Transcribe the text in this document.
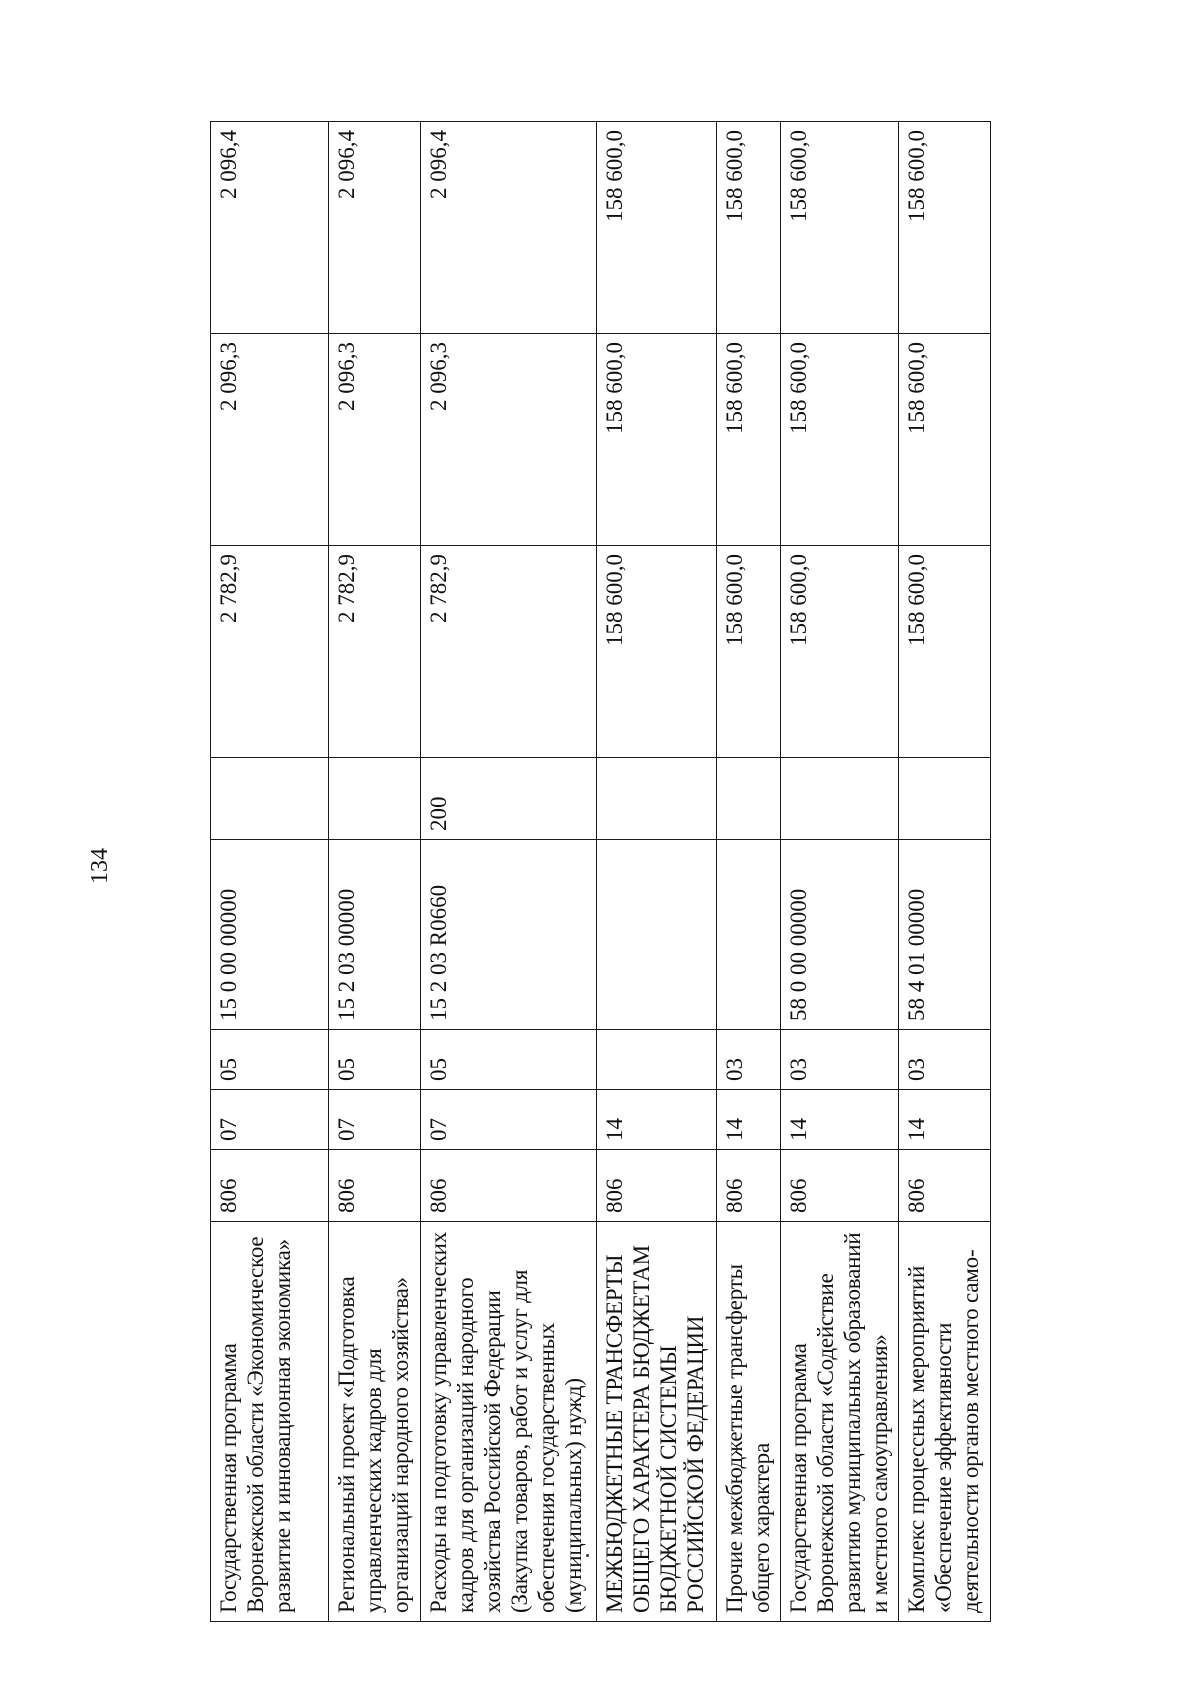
134
Государственная программа Воронежской области «Экономическое развитие и инновационная экономика»	806	07	05	15 0 00 00000		2 782,9	2 096,3	2 096,4
Региональный проект «Подготовка управленческих кадров для организаций народного хозяйства»	806	07	05	15 2 03 00000		2 782,9	2 096,3	2 096,4
Расходы на подготовку управленческих кадров для организаций народного хозяйства Российской Федерации (Закупка товаров, работ и услуг для обеспечения государственных (муниципальных) нужд)	806	07	05	15 2 03 R0660	200	2 782,9	2 096,3	2 096,4
МЕЖБЮДЖЕТНЫЕ ТРАНСФЕРТЫ ОБЩЕГО ХАРАКТЕРА БЮДЖЕТАМ БЮДЖЕТНОЙ СИСТЕМЫ РОССИЙСКОЙ ФЕДЕРАЦИИ	806	14				158 600,0	158 600,0	158 600,0
Прочие межбюджетные трансферты общего характера	806	14	03			158 600,0	158 600,0	158 600,0
Государственная программа Воронежской области «Содействие развитию муниципальных образований и местного самоуправления»	806	14	03	58 0 00 00000		158 600,0	158 600,0	158 600,0
Комплекс процессных мероприятий «Обеспечение эффективности деятельности органов местного само-	806	14	03	58 4 01 00000		158 600,0	158 600,0	158 600,0
